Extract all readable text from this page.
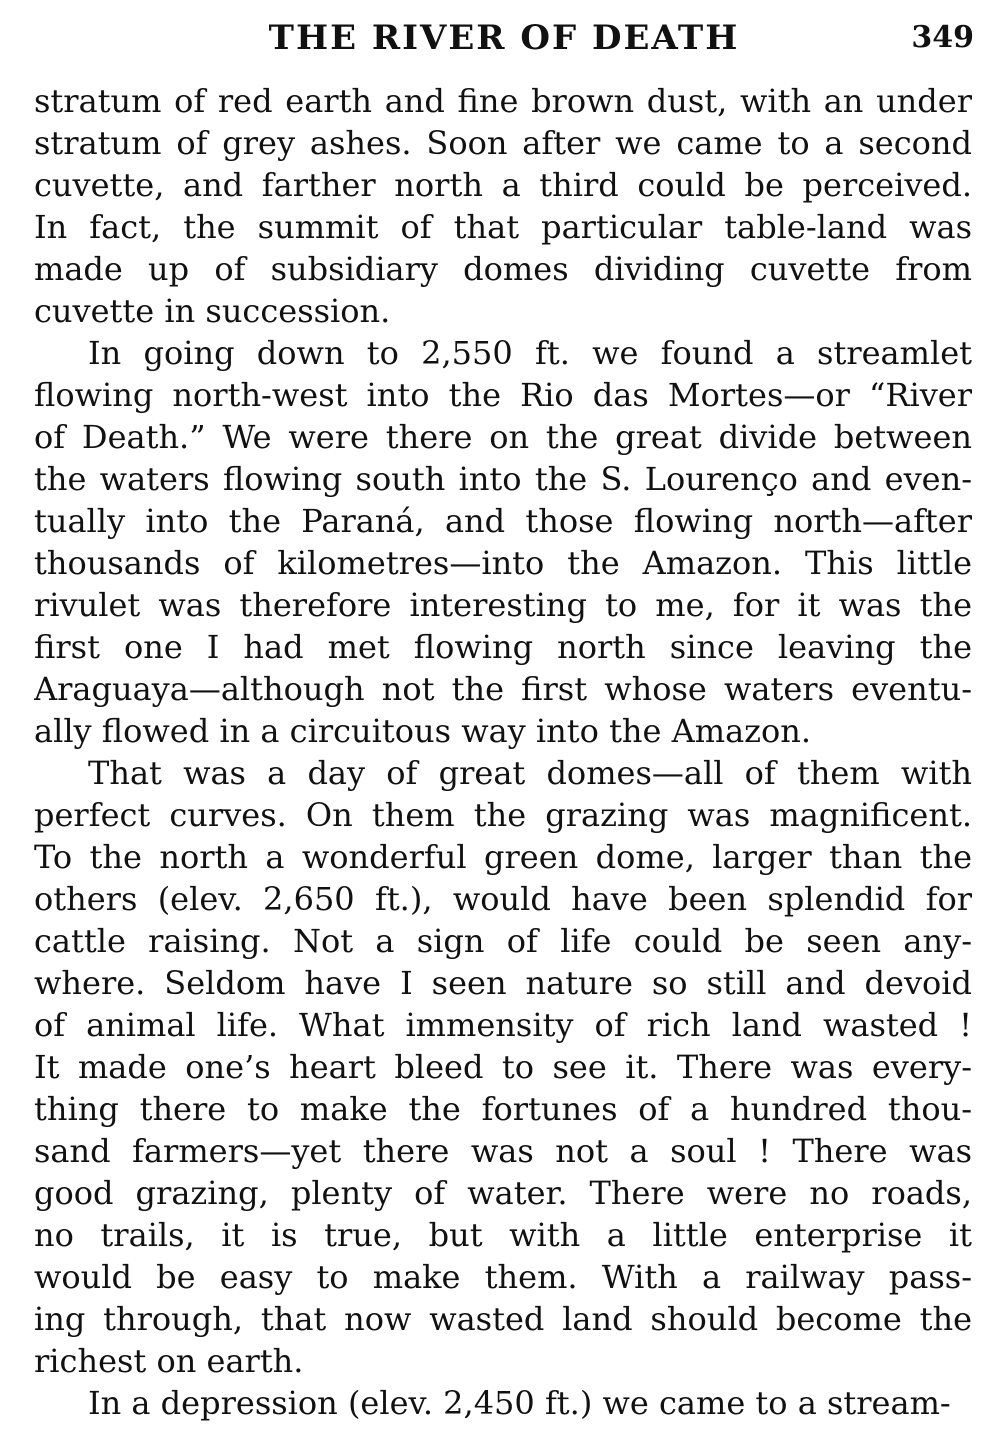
THE RIVER OF DEATH	349
stratum of red earth and fine brown dust, with an under
stratum of grey ashes. Soon after we came to a second
cuvette, and farther north a third could be perceived.
In fact, the summit of that particular table-land was
made up of subsidiary domes dividing cuvette from
cuvette in succession.
In going down to 2,550 ft. we found a streamlet
flowing north-west into the Rio das Mortes—or “River
of Death.” We were there on the great divide between
the waters flowing south into the S. Lourenço and even-
tually into the Paraná, and those flowing north—after
thousands of kilometres—into the Amazon. This little
rivulet was therefore interesting to me, for it was the
first one I had met flowing north since leaving the
Araguaya—although not the first whose waters eventu-
ally flowed in a circuitous way into the Amazon.
That was a day of great domes—all of them with
perfect curves. On them the grazing was magnificent.
To the north a wonderful green dome, larger than the
others (elev. 2,650 ft.), would have been splendid for
cattle raising. Not a sign of life could be seen any-
where. Seldom have I seen nature so still and devoid
of animal life. What immensity of rich land wasted !
It made one’s heart bleed to see it. There was every-
thing there to make the fortunes of a hundred thou-
sand farmers—yet there was not a soul ! There was
good grazing, plenty of water. There were no roads,
no trails, it is true, but with a little enterprise it
would be easy to make them. With a railway pass-
ing through, that now wasted land should become the
richest on earth.
In a depression (elev. 2,450 ft.) we came to a stream-
